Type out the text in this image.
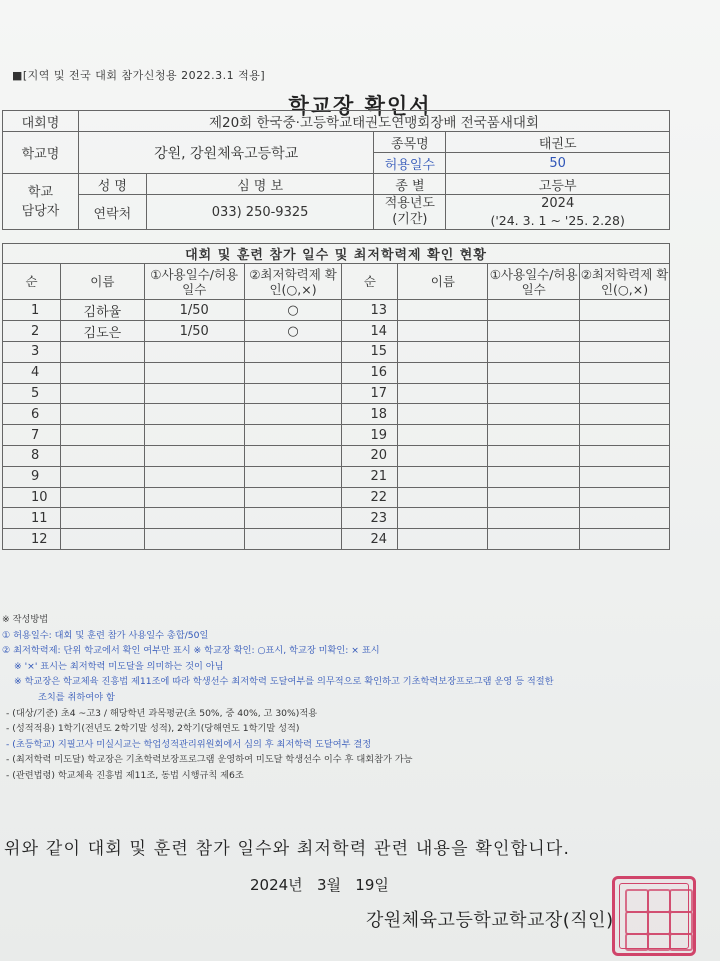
■[지역 및 전국 대회 참가신청용 2022.3.1 적용]
학교장 확인서
대회명	제20회 한국중·고등학교태권도연맹회장배 전국품새대회			
학교명	강원, 강원체육고등학교		종목명	태권도
			허용일수	50
학교 담당자	성 명	심 명 보	종 별	고등부
	연락처	033) 250-9325	적용년도 (기간)	2024
('24. 3. 1 ~ '25. 2.28)
대회 및 훈련 참가 일수 및 최저학력제 확인 현황							
순	이름	①사용일수/허용일수	②최저학력제 확인(○,×)	순	이름	①사용일수/허용일수	②최저학력제 확인(○,×)
1	김하율	1/50	○	13			
2	김도은	1/50	○	14			
3				15			
4				16			
5				17			
6				18			
7				19			
8				20			
9				21			
10				22			
11				23			
12				24			
※ 작성방법
① 허용일수: 대회 및 훈련 참가 사용일수 총합/50일
② 최저학력제: 단위 학교에서 확인 여부만 표시 ※ 학교장 확인: ○표시, 학교장 미확인: × 표시
※ '×' 표시는 최저학력 미도달을 의미하는 것이 아님
※ 학교장은 학교체육 진흥법 제11조에 따라 학생선수 최저학력 도달여부를 의무적으로 확인하고 기초학력보장프로그램 운영 등 적절한
조치를 취하여야 함
- (대상/기준) 초4 ~고3 / 해당학년 과목평균(초 50%, 중 40%, 고 30%)적용
- (성적적용) 1학기(전년도 2학기말 성적), 2학기(당해연도 1학기말 성적)
- (초등학교) 지필고사 미실시교는 학업성적관리위원회에서 심의 후 최저학력 도달여부 결정
- (최저학력 미도달) 학교장은 기초학력보장프로그램 운영하여 미도달 학생선수 이수 후 대회참가 가능
- (관련법령) 학교체육 진흥법 제11조, 동법 시행규칙 제6조
위와 같이 대회 및 훈련 참가 일수와 최저학력 관련 내용을 확인합니다.
2024년   3월   19일
강원체육고등학교학교장(직인)
